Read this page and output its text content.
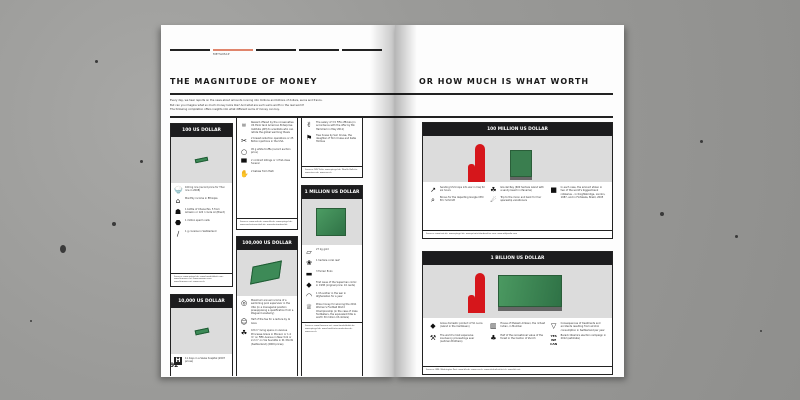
METAMAP
THE MAGNITUDE OF MONEY
Every day, we hear reports on the news about amounts running into millions and billions of dollars, euros and francs.
But can you imagine what so much money looks like? And what are such sums worth in the real world?
The following compilation offers insights into what different sums of money can buy.
100 US DOLLAR
🍚 100 kg rice (record price for Thai rice in 2008)
⌂	Monthly income in Ethiopia
☗	1 bottle of Chanel No. 5 from Amazon or 124 l crude oil (Brent)
⬣	1 million sperm cells
∕	1 g cocaine in Switzerland
Sources: www.spiegel.de, www.handelsblatt.com, www.finanzen.net, www.amazon.com, www.finanzen.net, www.nzz.ch
10,000 US DOLLAR
H	11 days in a Swiss hospital (2007 prices)
▤	Reward offered by the conservative US think tank American Enterprise Institute (AEI) to scientists who can refute the global warming thesis
✂	2 breast reduction operations or 25 Botox injections in the USA
○	45 g white truffle (record auction price)
▀	2 contract killings or 1 first-class funeral
✋ 2 babies from Haiti
Sources: www.sofo.de, www.dfo.de, www.spiegel.de, www.merkurtrauerkult.de, www.derstandard.de
100,000 US DOLLAR
◎	Maximum annual income of a swimming pool supervisor in the USA (in a managerial position presupposing a qualification from a lifeguard academy)
☺ Half of the fee for a lecture by Al Gore
☘	0.8 m² living space on Avenue Princesse Grace in Monaco or 1.4 m² on Fifth Avenue in New York or 2.2 m² on Via Suvretta in St. Moritz (Switzerland) (2009 prices)
✌	The salary of 3.5 FIFA officials (in accordance with the offer by Bin Hammam in May 2011)
⚑	Tree house by Suri Cruise, the daughter of Tom Cruise and Katie Holmes
Sources: NZZ Folio, www.spiegel.de, Wealth Bulletin, www.stern.de, www.nzz.ch
1 MILLION US DOLLAR
▱	27 kg gold
❀	1 hectare coral reef
▬ 3 Ferrari Enzo
◆	First issue of the Superman comic in 1938 (original price: 10 cents)
◠	1 US soldier in the war in Afghanistan for a year
♕	Prize money for winning the 2011 Women's Football World Championship (in the case of male footballers, the equivalent title is worth 30 million US dollars)
Sources: www.finanzen.net, www.handelsblatt.de, www.spiegel.de, www.frankfurterrundschau.de, www.nzz.ch
92
OR HOW MUCH IS WHAT WORTH
100 MILLION US DOLLAR
↗	Sending US troops into war in Iraq for six hours	☘	Isla del Rey (600 hectare island with a sandy beach in Panama)	■ In each case, the amount stolen in two of the world's biggest bank robberies – in Knightsbridge, London, 1987, and in Fortaleza, Brazil, 2005
⌕	Bonus for the departing Google CEO Eric Schmidt	☄	Trip to the moon and back for four spaceship vacationers
Sources: www.tast.de, www.spiegel.de, www.privateislandsonline.com, www.wikipedia.com
1 BILLION US DOLLAR
◆	Gross domestic product of St. Lucia (island in the Caribbean)	▥ House of Mukesh Ambani, the richest Indian, in Mumbai	▽	Consequences of treatments and accidents resulting from alcohol consumption in Switzerland per year
⚒	The world's most expensive insolvency proceedings ever (Lehman Brothers)
♣	Half of the recreational value of the forest in the Canton of Zurich
YES WE CAN
Barack Obama's election campaign in 2012 (estimate)
Sources: IMM, Washington Post, www.bfs.de, www.nzz.ch, www.alcoholinstitut.ch, www.bfe.net
